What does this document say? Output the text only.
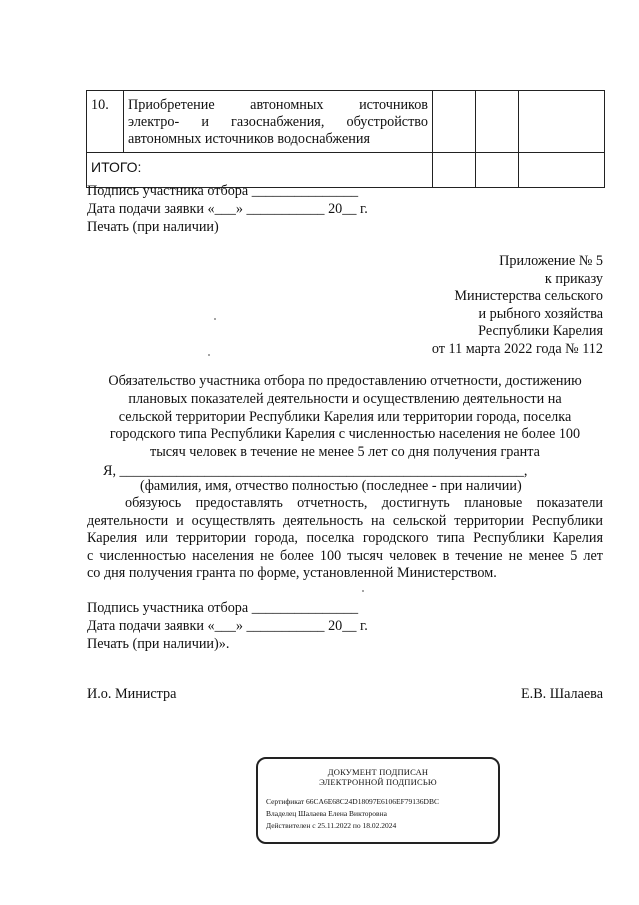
10.	Приобретение автономных источников
электро- и газоснабжения, обустройство
автономных источников водоснабжения			

ИТОГО:				
Подпись участника отбора _______________
Дата подачи заявки «___» ___________ 20__ г.
Печать (при наличии)
Приложение № 5
к приказу
Министерства сельского
и рыбного хозяйства
Республики Карелия
от 11 марта 2022 года № 112
Обязательство участника отбора по предоставлению отчетности, достижению
плановых показателей деятельности и осуществлению деятельности на
сельской территории Республики Карелия или территории города, поселка
городского типа Республики Карелия с численностью населения не более 100
тысяч человек в течение не менее 5 лет со дня получения гранта
Я, _________________________________________________________,
(фамилия, имя, отчество полностью (последнее - при наличии)
обязуюсь предоставлять отчетность, достигнуть плановые показатели
деятельности и осуществлять деятельность на сельской территории Республики
Карелия или территории города, поселка городского типа Республики Карелия
с численностью населения не более 100 тысяч человек в течение не менее 5 лет
со дня получения гранта по форме, установленной Министерством.
Подпись участника отбора _______________
Дата подачи заявки «___» ___________ 20__ г.
Печать (при наличии)».
И.о. Министра	Е.В. Шалаева
ДОКУМЕНТ ПОДПИСАН
ЭЛЕКТРОННОЙ ПОДПИСЬЮ
Сертификат 66CA6E68C24D18097E6106EF79136DBC
Владелец Шалаева Елена Викторовна
Действителен с 25.11.2022 по 18.02.2024
